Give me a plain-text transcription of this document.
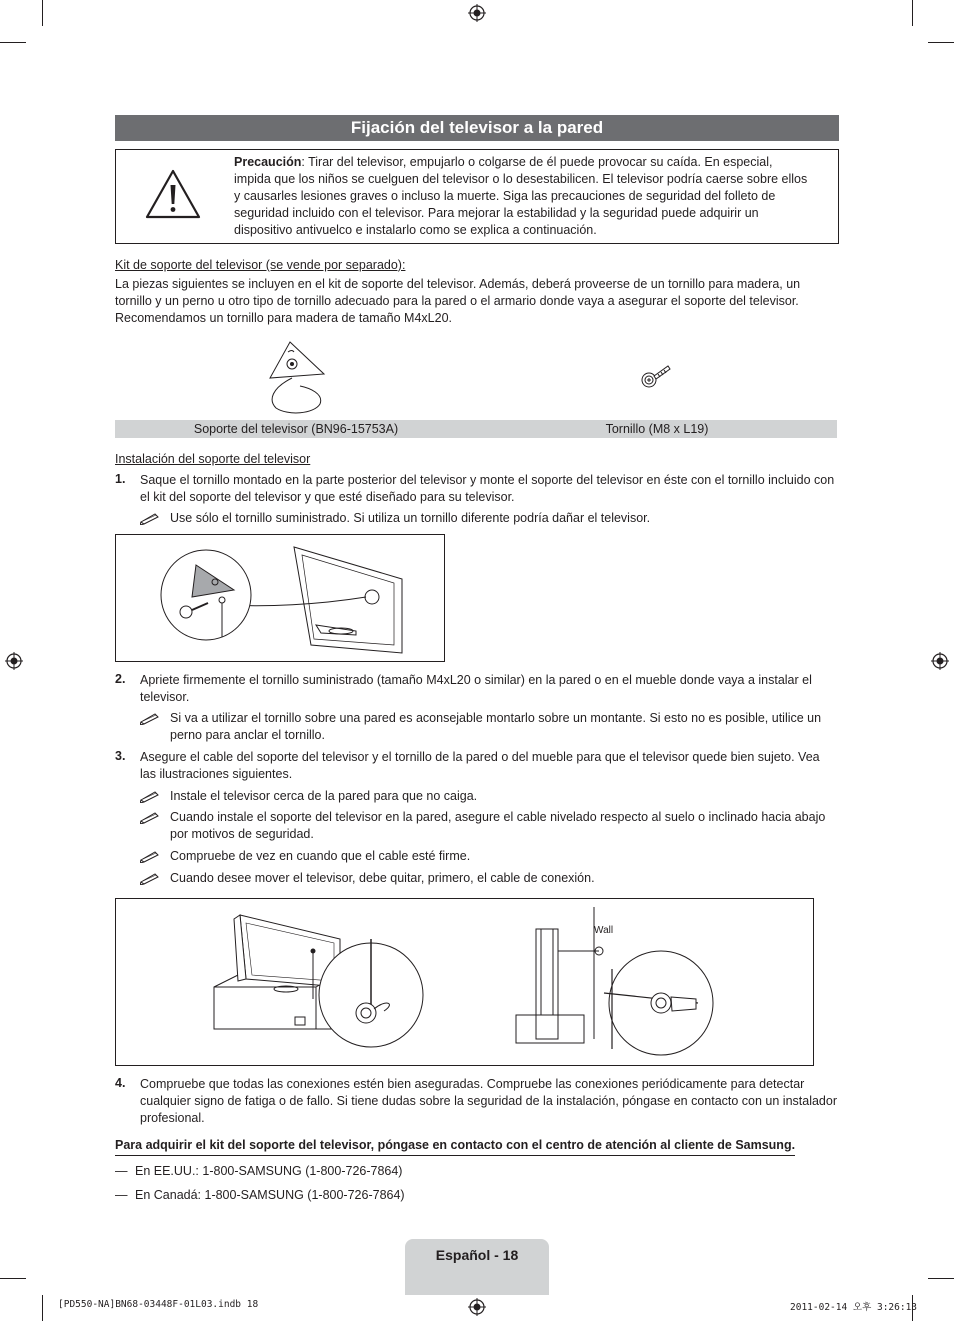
Fijación del televisor a la pared
Precaución: Tirar del televisor, empujarlo o colgarse de él puede provocar su caída. En especial, impida que los niños se cuelguen del televisor o lo desestabilicen. El televisor podría caerse sobre ellos y causarles lesiones graves o incluso la muerte. Siga las precauciones de seguridad del folleto de seguridad incluido con el televisor. Para mejorar la estabilidad y la seguridad puede adquirir un dispositivo antivuelco e instalarlo como se explica a continuación.
Kit de soporte del televisor (se vende por separado):
La piezas siguientes se incluyen en el kit de soporte del televisor. Además, deberá proveerse de un tornillo para madera, un tornillo y un perno u otro tipo de tornillo adecuado para la pared o el armario donde vaya a asegurar el soporte del televisor. Recomendamos un tornillo para madera de tamaño M4xL20.
Soporte del televisor (BN96-15753A)	Tornillo (M8 x L19)
Instalación del soporte del televisor
1. Saque el tornillo montado en la parte posterior del televisor y monte el soporte del televisor en éste con el tornillo incluido con el kit del soporte del televisor y que esté diseñado para su televisor.
Use sólo el tornillo suministrado. Si utiliza un tornillo diferente podría dañar el televisor.
2. Apriete firmemente el tornillo suministrado (tamaño M4xL20 o similar) en la pared o en el mueble donde vaya a instalar el televisor.
Si va a utilizar el tornillo sobre una pared es aconsejable montarlo sobre un montante. Si esto no es posible, utilice un perno para anclar el tornillo.
3. Asegure el cable del soporte del televisor y el tornillo de la pared o del mueble para que el televisor quede bien sujeto. Vea las ilustraciones siguientes.
Instale el televisor cerca de la pared para que no caiga.
Cuando instale el soporte del televisor en la pared, asegure el cable nivelado respecto al suelo o inclinado hacia abajo por motivos de seguridad.
Compruebe de vez en cuando que el cable esté firme.
Cuando desee mover el televisor, debe quitar, primero, el cable de conexión.
Wall
4. Compruebe que todas las conexiones estén bien aseguradas. Compruebe las conexiones periódicamente para detectar cualquier signo de fatiga o de fallo. Si tiene dudas sobre la seguridad de la instalación, póngase en contacto con un instalador profesional.
Para adquirir el kit del soporte del televisor, póngase en contacto con el centro de atención al cliente de Samsung.
— En EE.UU.: 1-800-SAMSUNG (1-800-726-7864)
— En Canadá: 1-800-SAMSUNG (1-800-726-7864)
Español - 18
[PD550-NA]BN68-03448F-01L03.indb 18	2011-02-14 오후 3:26:13
